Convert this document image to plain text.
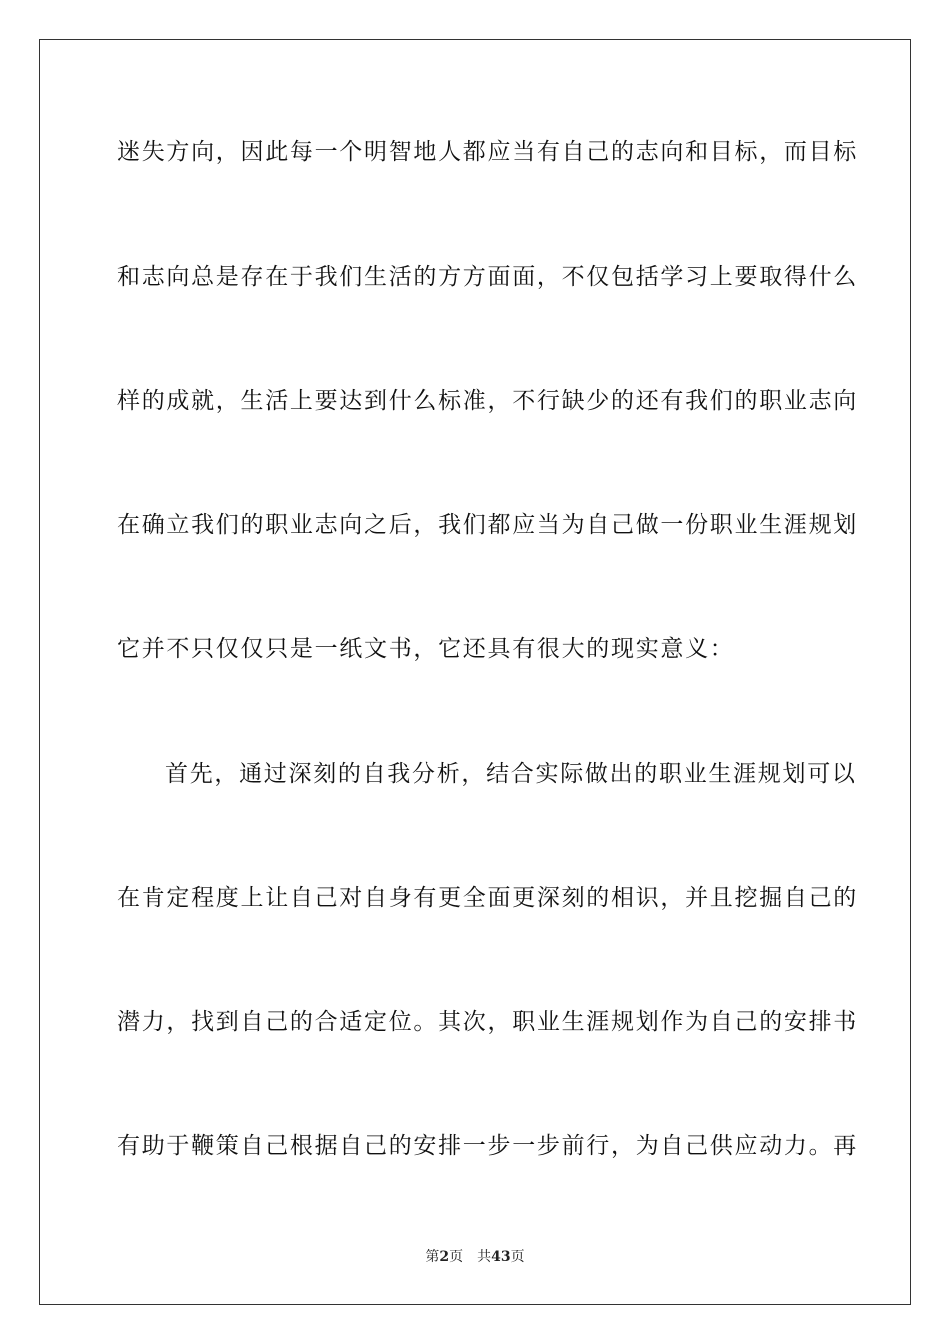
迷失方向，因此每一个明智地人都应当有自己的志向和目标，而目标
和志向总是存在于我们生活的方方面面，不仅包括学习上要取得什么
样的成就，生活上要达到什么标准，不行缺少的还有我们的职业志向
在确立我们的职业志向之后，我们都应当为自己做一份职业生涯规划
它并不只仅仅只是一纸文书，它还具有很大的现实意义：
首先，通过深刻的自我分析，结合实际做出的职业生涯规划可以
在肯定程度上让自己对自身有更全面更深刻的相识，并且挖掘自己的
潜力，找到自己的合适定位。其次，职业生涯规划作为自己的安排书
有助于鞭策自己根据自己的安排一步一步前行，为自己供应动力。再
第2页 共43页
